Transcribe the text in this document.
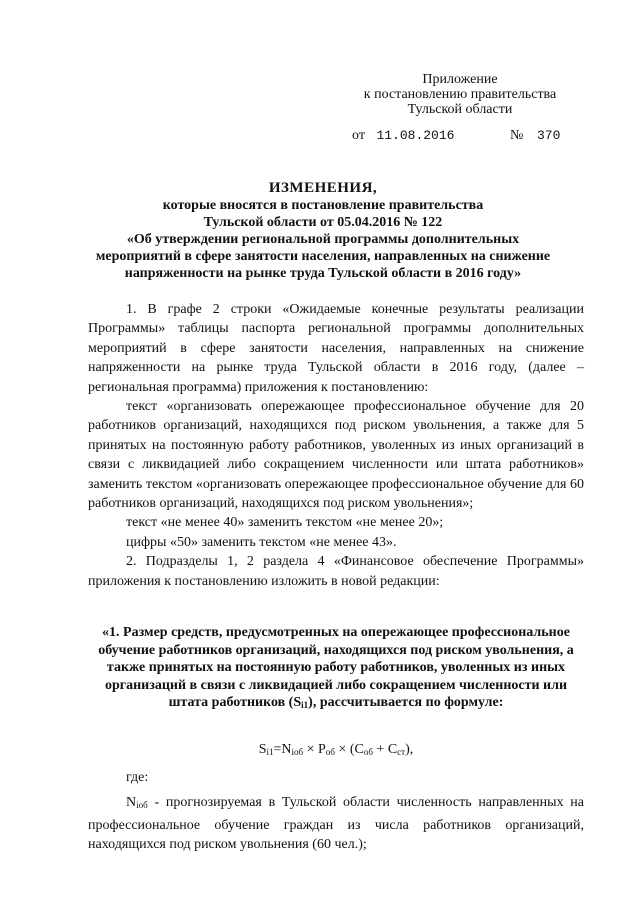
Приложение
к постановлению правительства
Тульской области
от 11.08.2016	№ 370
ИЗМЕНЕНИЯ,
которые вносятся в постановление правительства
Тульской области от 05.04.2016 № 122
«Об утверждении региональной программы дополнительных мероприятий в сфере занятости населения, направленных на снижение напряженности на рынке труда Тульской области в 2016 году»

1. В графе 2 строки «Ожидаемые конечные результаты реализации Программы» таблицы паспорта региональной программы дополнительных мероприятий в сфере занятости населения, направленных на снижение напряженности на рынке труда Тульской области в 2016 году, (далее – региональная программа) приложения к постановлению:

текст «организовать опережающее профессиональное обучение для 20 работников организаций, находящихся под риском увольнения, а также для 5 принятых на постоянную работу работников, уволенных из иных организаций в связи с ликвидацией либо сокращением численности или штата работников» заменить текстом «организовать опережающее профессиональное обучение для 60 работников организаций, находящихся под риском увольнения»;

текст «не менее 40» заменить текстом «не менее 20»;

цифры «50» заменить текстом «не менее 43».

2. Подразделы 1, 2 раздела 4 «Финансовое обеспечение Программы» приложения к постановлению изложить в новой редакции:

«1. Размер средств, предусмотренных на опережающее профессиональное обучение работников организаций, находящихся под риском увольнения, а также принятых на постоянную работу работников, уволенных из иных организаций в связи с ликвидацией либо сокращением численности или штата работников $(S_{i1})$, рассчитывается по формуле:
$S_{i1}=N_{iоб} \times P_{об} \times (C_{об} + C_{ст})$,
где:

$N_{iоб}$ - прогнозируемая в Тульской области численность направленных на профессиональное обучение граждан из числа работников организаций, находящихся под риском увольнения (60 чел.);
